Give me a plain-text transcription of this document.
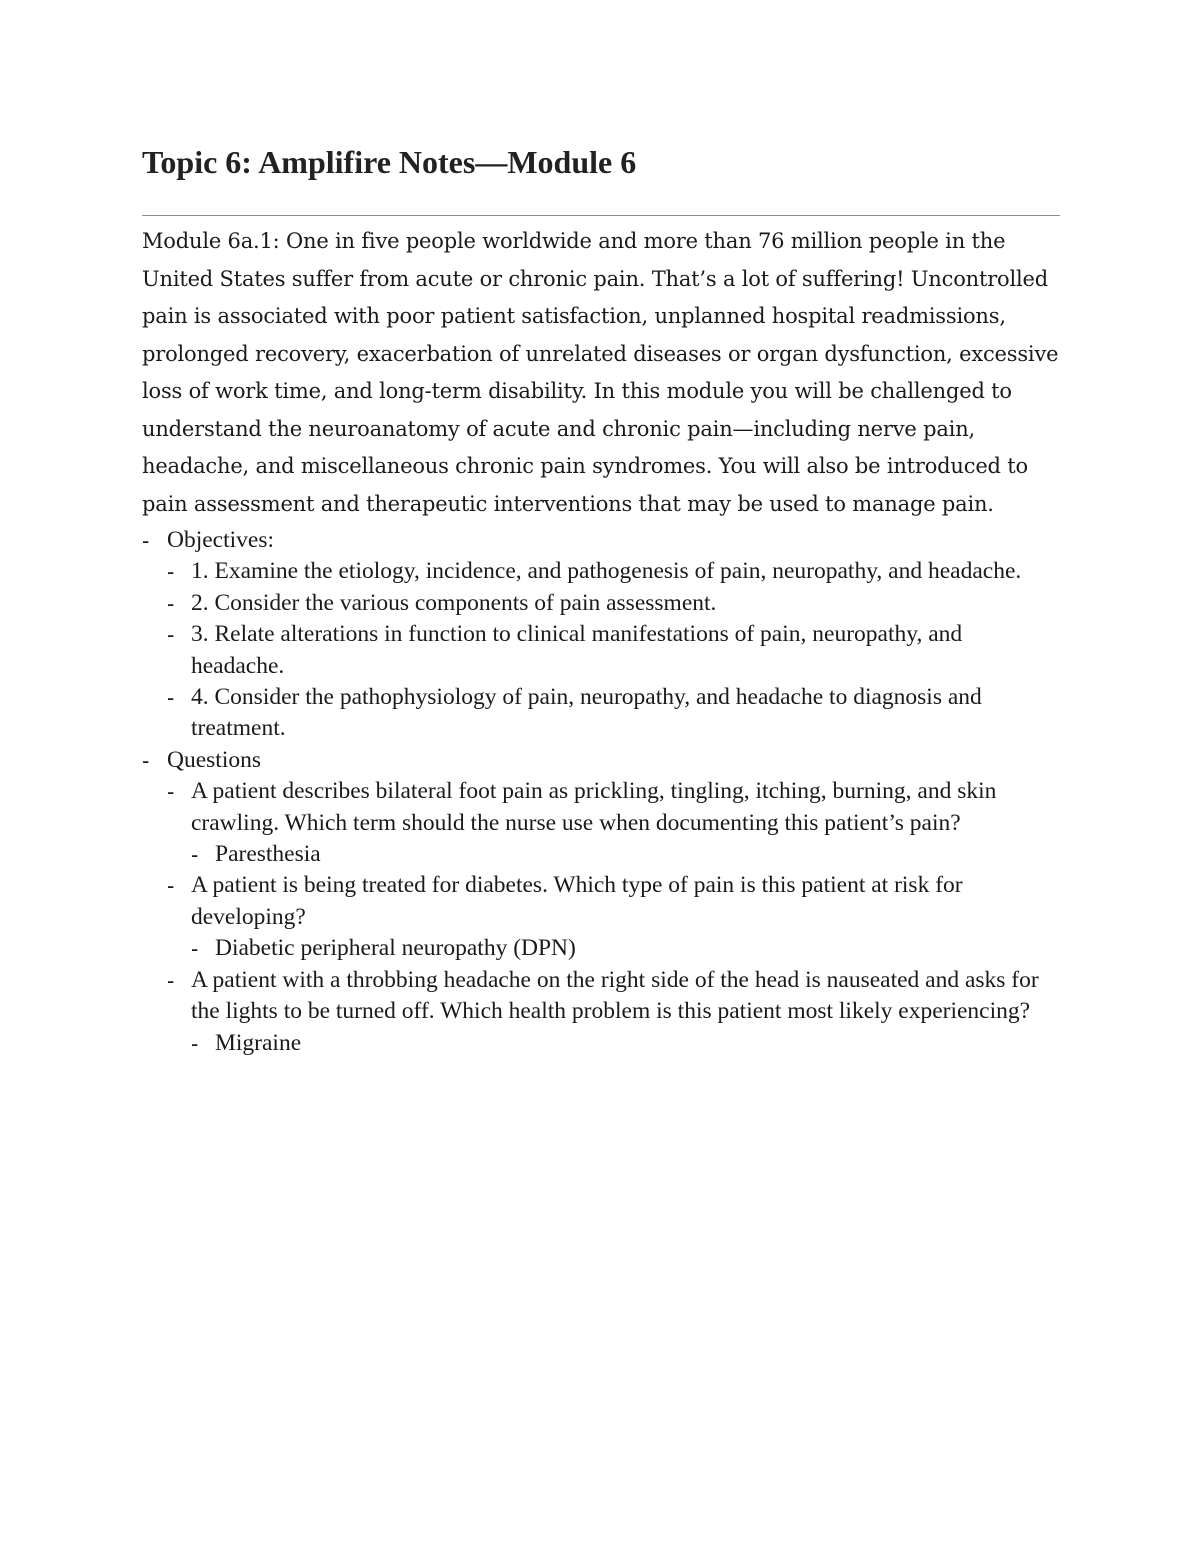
Topic 6: Amplifire Notes—Module 6

Module 6a.1: One in five people worldwide and more than 76 million people in the United States suffer from acute or chronic pain. That’s a lot of suffering! Uncontrolled pain is associated with poor patient satisfaction, unplanned hospital readmissions, prolonged recovery, exacerbation of unrelated diseases or organ dysfunction, excessive loss of work time, and long-term disability. In this module you will be challenged to understand the neuroanatomy of acute and chronic pain—including nerve pain, headache, and miscellaneous chronic pain syndromes. You will also be introduced to pain assessment and therapeutic interventions that may be used to manage pain.

- Objectives:
- 1. Examine the etiology, incidence, and pathogenesis of pain, neuropathy, and headache.
- 2. Consider the various components of pain assessment.
- 3. Relate alterations in function to clinical manifestations of pain, neuropathy, and headache.
- 4. Consider the pathophysiology of pain, neuropathy, and headache to diagnosis and treatment.
- Questions
- A patient describes bilateral foot pain as prickling, tingling, itching, burning, and skin crawling. Which term should the nurse use when documenting this patient’s pain?
- Paresthesia
- A patient is being treated for diabetes. Which type of pain is this patient at risk for developing?
- Diabetic peripheral neuropathy (DPN)
- A patient with a throbbing headache on the right side of the head is nauseated and asks for the lights to be turned off. Which health problem is this patient most likely experiencing?
- Migraine
